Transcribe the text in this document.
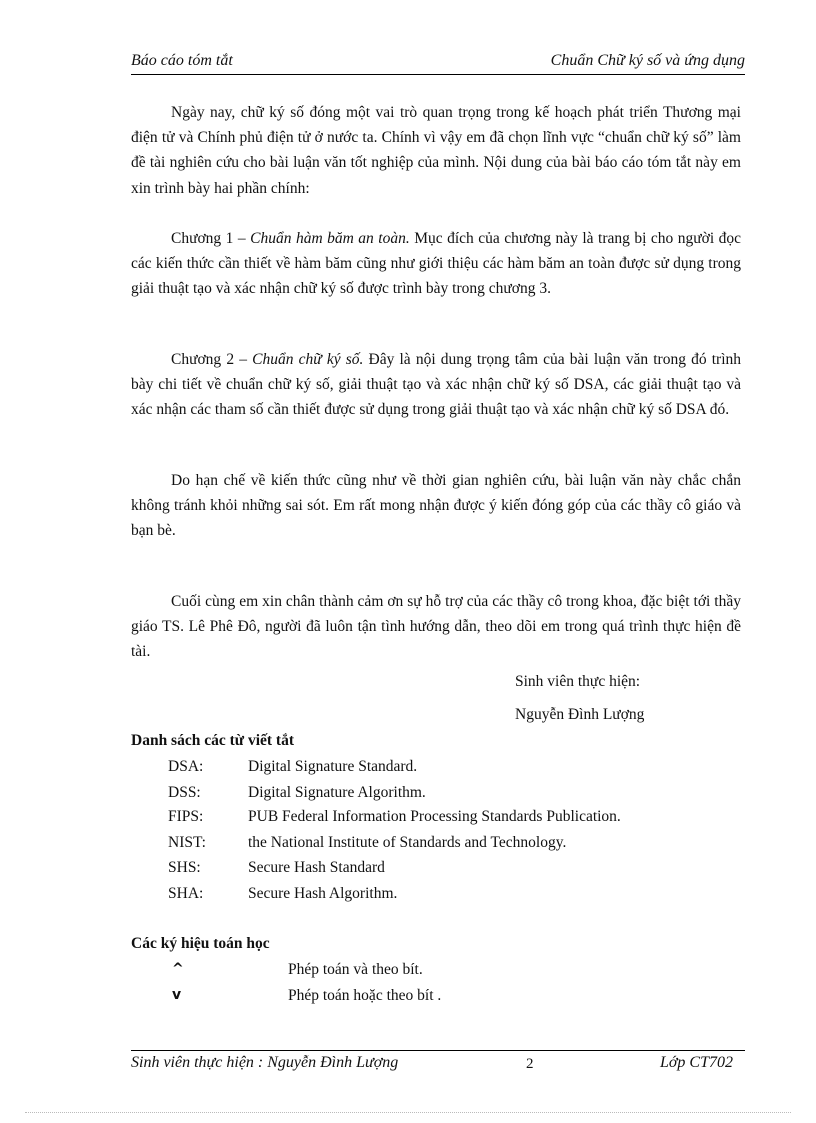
Báo cáo tóm tắt	Chuẩn Chữ ký số và ứng dụng

Ngày nay, chữ ký số đóng một vai trò quan trọng trong kế hoạch phát triển Thương mại điện tử và Chính phủ điện tử ở nước ta. Chính vì vậy em đã chọn lĩnh vực “chuẩn chữ ký số” làm đề tài nghiên cứu cho bài luận văn tốt nghiệp của mình. Nội dung của bài báo cáo tóm tắt này em xin trình bày hai phần chính:

Chương 1 – Chuẩn hàm băm an toàn. Mục đích của chương này là trang bị cho người đọc các kiến thức cần thiết về hàm băm cũng như giới thiệu các hàm băm an toàn được sử dụng trong giải thuật tạo và xác nhận chữ ký số được trình bày trong chương 3.

Chương 2 – Chuẩn chữ ký số. Đây là nội dung trọng tâm của bài luận văn trong đó trình bày chi tiết về chuẩn chữ ký số, giải thuật tạo và xác nhận chữ ký số DSA, các giải thuật tạo và xác nhận các tham số cần thiết được sử dụng trong giải thuật tạo và xác nhận chữ ký số DSA đó.

Do hạn chế về kiến thức cũng như về thời gian nghiên cứu, bài luận văn này chắc chắn không tránh khỏi những sai sót. Em rất mong nhận được ý kiến đóng góp của các thầy cô giáo và bạn bè.

Cuối cùng em xin chân thành cảm ơn sự hỗ trợ của các thầy cô trong khoa, đặc biệt tới thầy giáo TS. Lê Phê Đô, người đã luôn tận tình hướng dẫn, theo dõi em trong quá trình thực hiện đề tài.

Sinh viên thực hiện:
Nguyễn Đình Lượng
Danh sách các từ viết tắt
DSA:	Digital Signature Standard.
DSS:	Digital Signature Algorithm.
FIPS:	PUB Federal Information Processing Standards Publication.
NIST:	the National Institute of Standards and Technology.
SHS:	Secure Hash Standard
SHA:	Secure Hash Algorithm.
Các ký hiệu toán học
^	Phép toán và theo bít.
v	Phép toán hoặc theo bít .
Sinh viên thực hiện : Nguyễn Đình Lượng	2	Lớp CT702
